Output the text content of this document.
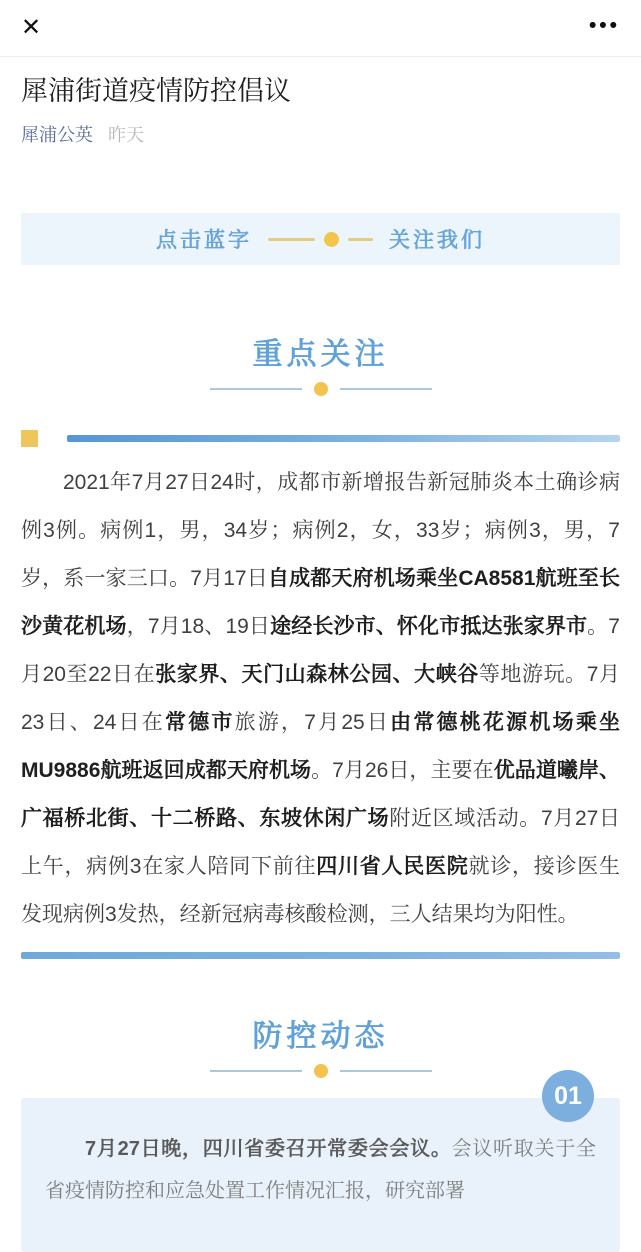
✕	•••
犀浦街道疫情防控倡议
犀浦公英 昨天
点击蓝字	关注我们
重点关注

2021年7月27日24时，成都市新增报告新冠肺炎本土确诊病例3例。病例1，男，34岁；病例2，女，33岁；病例3，男，7岁，系一家三口。7月17日自成都天府机场乘坐CA8581航班至长沙黄花机场，7月18、19日途经长沙市、怀化市抵达张家界市。7月20至22日在张家界、天门山森林公园、大峡谷等地游玩。7月23日、24日在常德市旅游，7月25日由常德桃花源机场乘坐MU9886航班返回成都天府机场。7月26日，主要在优品道曦岸、广福桥北街、十二桥路、东坡休闲广场附近区域活动。7月27日上午，病例3在家人陪同下前往四川省人民医院就诊，接诊医生发现病例3发热，经新冠病毒核酸检测，三人结果均为阳性。

防控动态
01

7月27日晚，四川省委召开常委会会议。会议听取关于全省疫情防控和应急处置工作情况汇报，研究部署
